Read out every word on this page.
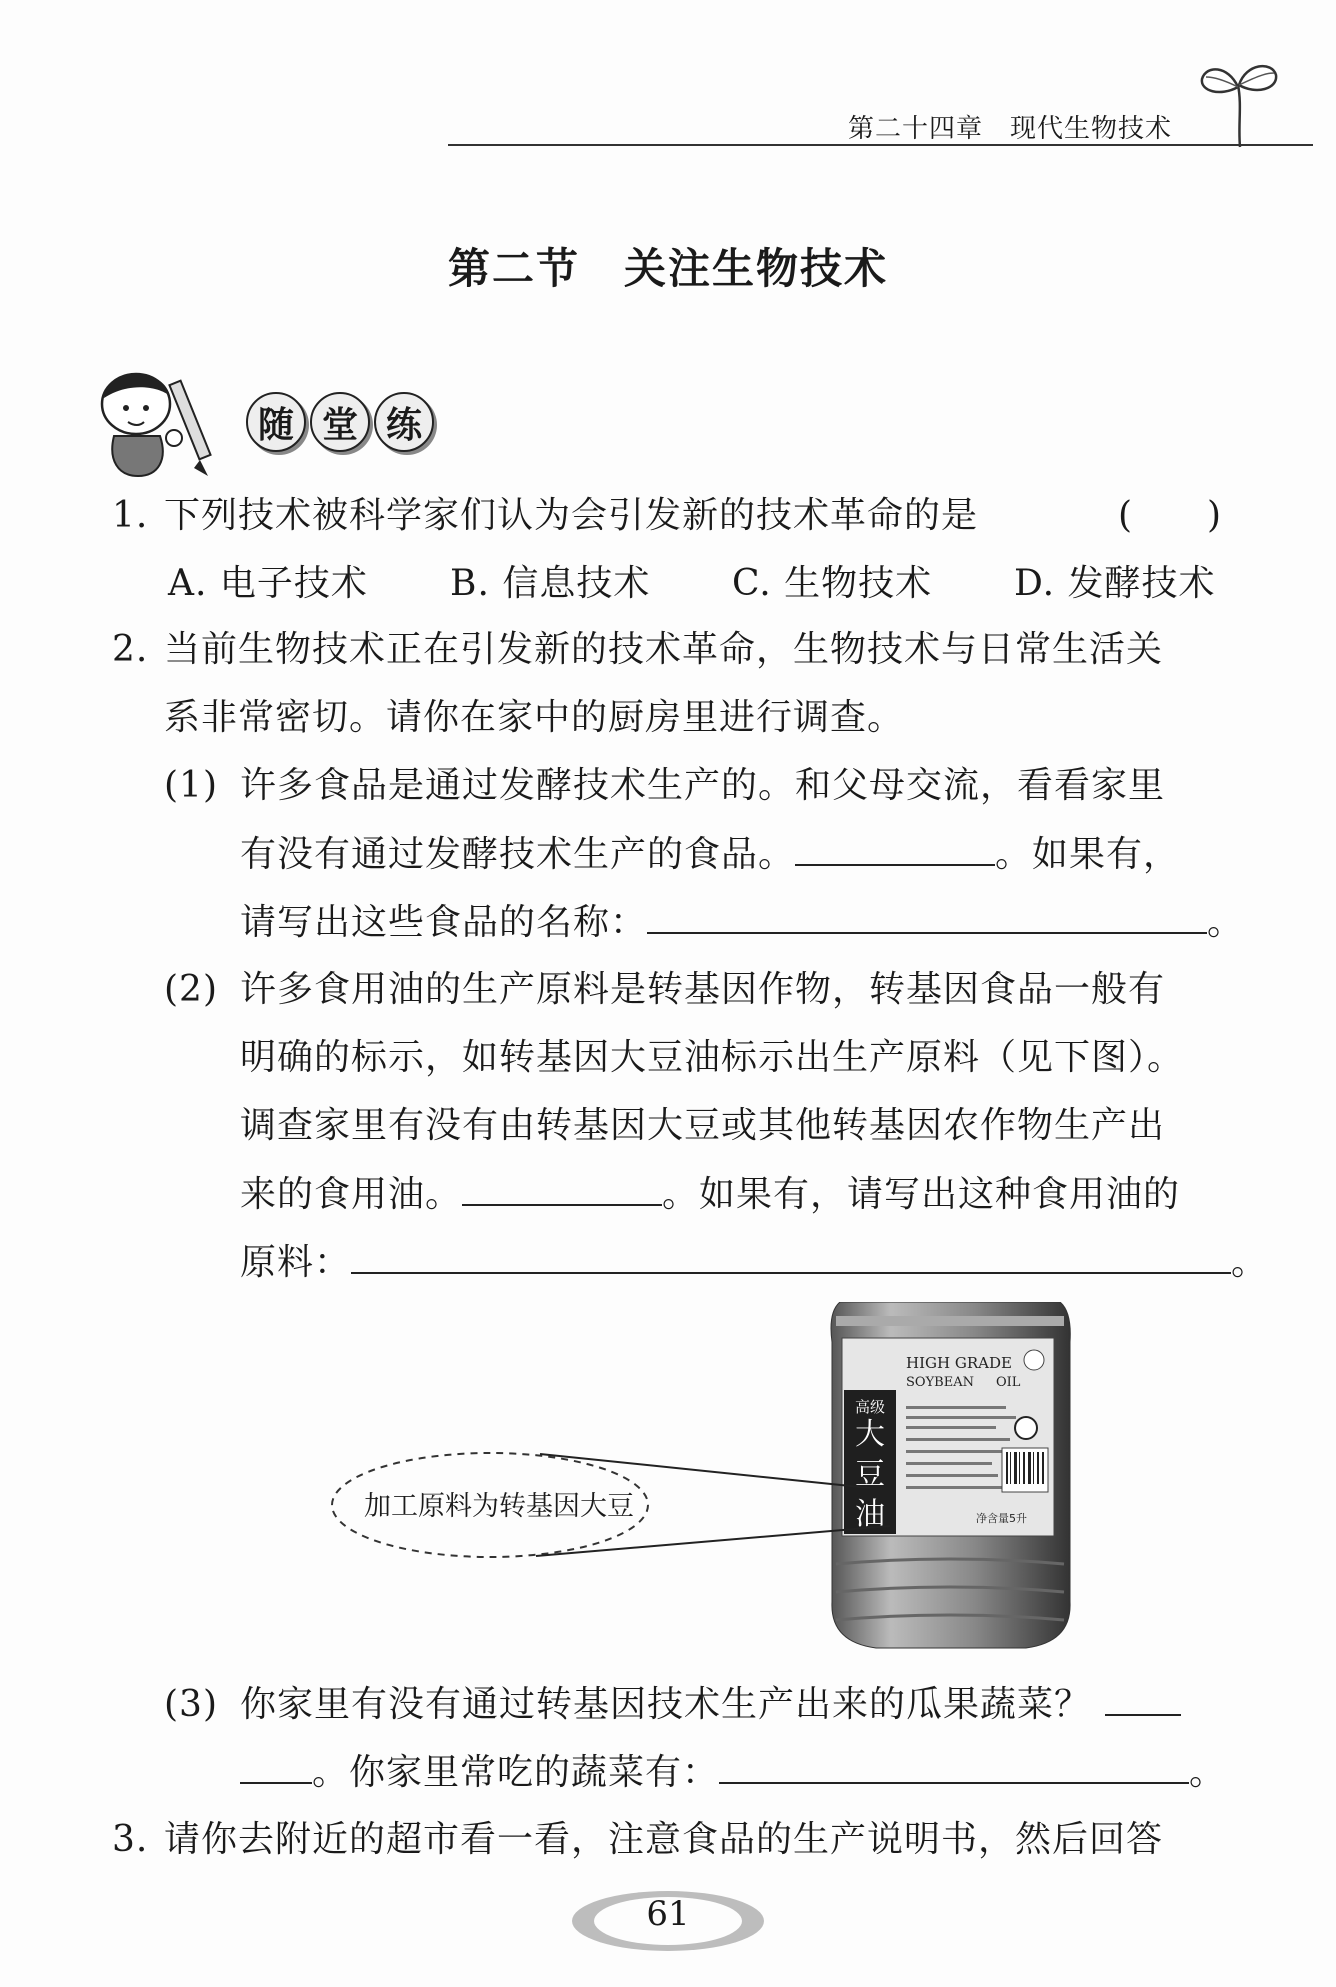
第二十四章　现代生物技术
第二节　关注生物技术
随 堂 练
1. 下列技术被科学家们认为会引发新的技术革命的是	(　　)
A. 电子技术 B. 信息技术 C. 生物技术 D. 发酵技术
2. 当前生物技术正在引发新的技术革命，生物技术与日常生活关
系非常密切。请你在家中的厨房里进行调查。
(1) 许多食品是通过发酵技术生产的。和父母交流，看看家里
有没有通过发酵技术生产的食品。	。如果有，
请写出这些食品的名称：	。
(2) 许多食用油的生产原料是转基因作物，转基因食品一般有
明确的标示，如转基因大豆油标示出生产原料（见下图）。
调查家里有没有由转基因大豆或其他转基因农作物生产出
来的食用油。	。如果有，请写出这种食用油的
原料：	。
高级
大
豆
油
HIGH GRADE
SOYBEAN OIL
净含量5升
加工原料为转基因大豆
(3) 你家里有没有通过转基因技术生产出来的瓜果蔬菜？
。你家里常吃的蔬菜有：	。
3. 请你去附近的超市看一看，注意食品的生产说明书，然后回答
61
